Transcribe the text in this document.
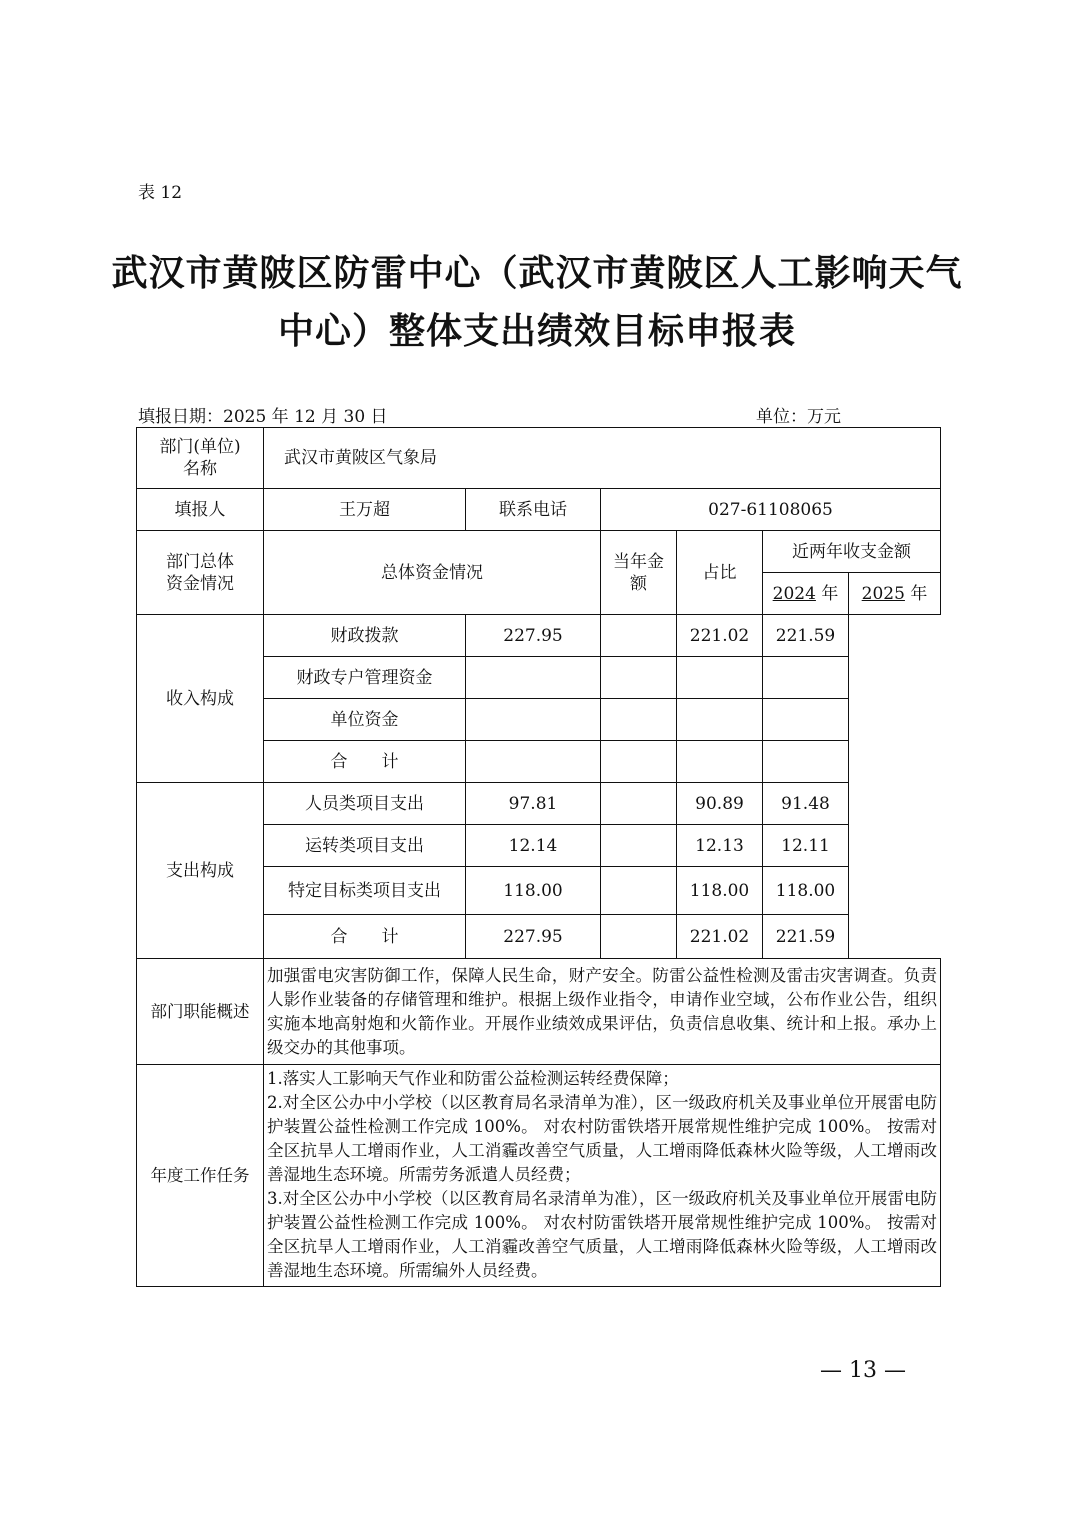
表 12
武汉市黄陂区防雷中心（武汉市黄陂区人工影响天气中心）整体支出绩效目标申报表
填报日期：2025 年 12 月 30 日	单位：万元
部门(单位)名称	武汉市黄陂区气象局					
填报人	王万超	联系电话	027-61108065			
部门总体资金情况	总体资金情况		当年金额	占比	近两年收支金额	
					2024 年	2025 年
收入构成	财政拨款	227.95		221.02	221.59	
	财政专户管理资金					
	单位资金					
	合　　计					
支出构成	人员类项目支出	97.81		90.89	91.48	
	运转类项目支出	12.14		12.13	12.11	
	特定目标类项目支出	118.00		118.00	118.00	
	合　　计	227.95		221.02	221.59	
部门职能概述	加强雷电灾害防御工作，保障人民生命，财产安全。防雷公益性检测及雷击灾害调查。负责人影作业装备的存储管理和维护。根据上级作业指令，申请作业空域，公布作业公告，组织实施本地高射炮和火箭作业。开展作业绩效成果评估，负责信息收集、统计和上报。承办上级交办的其他事项。					
年度工作任务	1.落实人工影响天气作业和防雷公益检测运转经费保障；
2.对全区公办中小学校（以区教育局名录清单为准），区一级政府机关及事业单位开展雷电防护装置公益性检测工作完成 100%。 对农村防雷铁塔开展常规性维护完成 100%。 按需对全区抗旱人工增雨作业，人工消霾改善空气质量，人工增雨降低森林火险等级，人工增雨改善湿地生态环境。所需劳务派遣人员经费；
3.对全区公办中小学校（以区教育局名录清单为准），区一级政府机关及事业单位开展雷电防护装置公益性检测工作完成 100%。 对农村防雷铁塔开展常规性维护完成 100%。 按需对全区抗旱人工增雨作业，人工消霾改善空气质量，人工增雨降低森林火险等级，人工增雨改善湿地生态环境。所需编外人员经费。					
— 13 —
